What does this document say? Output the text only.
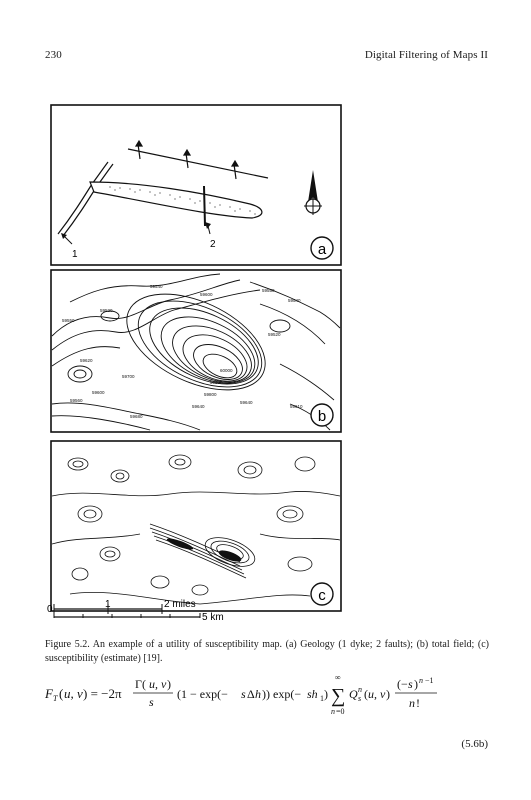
230	Digital Filtering of Maps II
1
2	a
59540
59520
59550
59600
59550
59540
59520
59620
59700
59600
59560
60000
59900
59800
59680
59640
59640
59610
b
c
0	1	2 miles
5 km
Figure 5.2. An example of a utility of susceptibility map. (a) Geology (1 dyke; 2 faults); (b) total field; (c) susceptibility (estimate) [19].
F T ( u, v ) = −2π
Γ( u, v )
s
(1 − exp(− s Δ h )) exp(− sh 1 ) ∑
∞
n =0
Q n
s ( u, v )
(− s ) n −1
n !
(5.6b)
